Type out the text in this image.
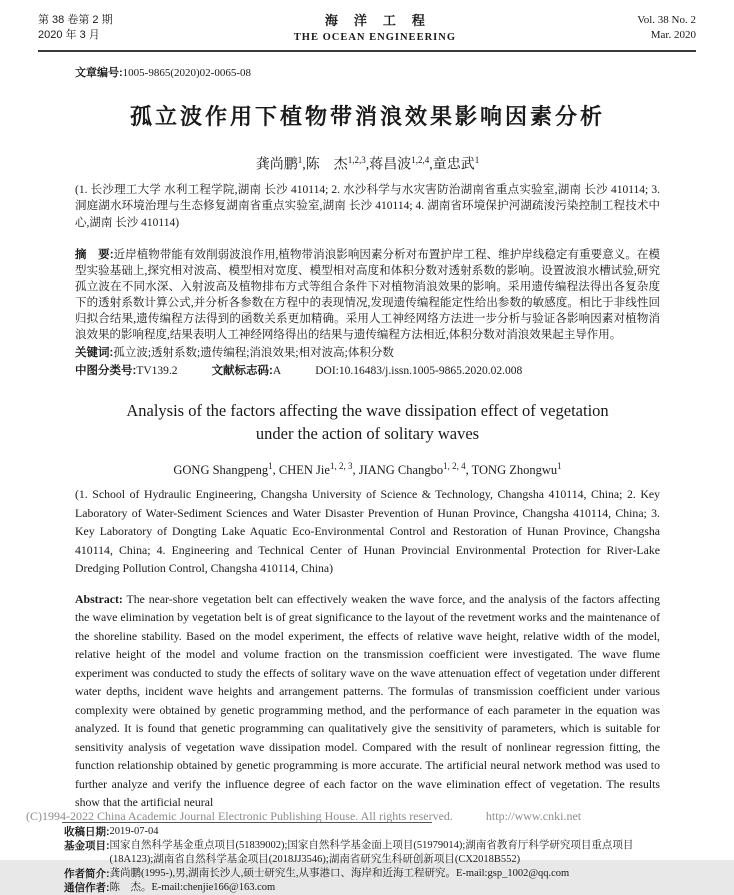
第 38 卷第 2 期
2020 年 3 月
海洋工程
THE OCEAN ENGINEERING
Vol. 38 No. 2
Mar. 2020
文章编号:1005-9865(2020)02-0065-08
孤立波作用下植物带消浪效果影响因素分析
龚尚鹏$^1$,陈　杰$^{1,2,3}$,蒋昌波$^{1,2,4}$,童忠武$^1$
(1. 长沙理工大学 水利工程学院,湖南 长沙 410114; 2. 水沙科学与水灾害防治湖南省重点实验室,湖南 长沙 410114; 3. 洞庭湖水环境治理与生态修复湖南省重点实验室,湖南 长沙 410114; 4. 湖南省环境保护河湖疏浚污染控制工程技术中心,湖南 长沙 410114)
摘　要:近岸植物带能有效削弱波浪作用,植物带消浪影响因素分析对布置护岸工程、维护岸线稳定有重要意义。在模型实验基础上,探究相对波高、模型相对宽度、模型相对高度和体积分数对透射系数的影响。设置波浪水槽试验,研究孤立波在不同水深、入射波高及植物排布方式等组合条件下对植物消浪效果的影响。采用遗传编程法得出各复杂度下的透射系数计算公式,并分析各参数在方程中的表现情况,发现遗传编程能定性给出参数的敏感度。相比于非线性回归拟合结果,遗传编程方法得到的函数关系更加精确。采用人工神经网络方法进一步分析与验证各影响因素对植物消浪效果的影响程度,结果表明人工神经网络得出的结果与遗传编程方法相近,体积分数对消浪效果起主导作用。
关键词:孤立波;透射系数;遗传编程;消浪效果;相对波高;体积分数
中图分类号:TV139.2	文献标志码:A	DOI:10.16483/j.issn.1005-9865.2020.02.008
Analysis of the factors affecting the wave dissipation effect of vegetation under the action of solitary waves
GONG Shangpeng$^1$, CHEN Jie$^{1, 2, 3}$, JIANG Changbo$^{1, 2, 4}$, TONG Zhongwu$^1$
(1. School of Hydraulic Engineering, Changsha University of Science & Technology, Changsha 410114, China; 2. Key Laboratory of Water-Sediment Sciences and Water Disaster Prevention of Hunan Province, Changsha 410114, China; 3. Key Laboratory of Dongting Lake Aquatic Eco-Environmental Control and Restoration of Hunan Province, Changsha 410114, China; 4. Engineering and Technical Center of Hunan Provincial Environmental Protection for River-Lake Dredging Pollution Control, Changsha 410114, China)
Abstract: The near-shore vegetation belt can effectively weaken the wave force, and the analysis of the factors affecting the wave elimination by vegetation belt is of great significance to the layout of the revetment works and the maintenance of the shoreline stability. Based on the model experiment, the effects of relative wave height, relative width of the model, relative height of the model and volume fraction on the transmission coefficient were investigated. The wave flume experiment was conducted to study the effects of solitary wave on the wave attenuation effect of vegetation under different water depths, incident wave heights and arrangement patterns. The formulas of transmission coefficient under various complexity were obtained by genetic programming method, and the performance of each parameter in the equation was analyzed. It is found that genetic programming can qualitatively give the sensitivity of parameters, which is suitable for sensitivity analysis of vegetation wave dissipation model. Compared with the result of nonlinear regression fitting, the function relationship obtained by genetic programming is more accurate. The artificial neural network method was used to further analyze and verify the influence degree of each factor on the wave elimination effect of vegetation. The results show that the artificial neural
收稿日期: 2019-07-04
基金项目: 国家自然科学基金重点项目(51839002);国家自然科学基金面上项目(51979014);湖南省教育厅科学研究项目重点项目(18A123);湖南省自然科学基金项目(2018JJ3546);湖南省研究生科研创新项目(CX2018B552)
作者简介: 龚尚鹏(1995-),男,湖南长沙人,硕士研究生,从事港口、海岸和近海工程研究。E-mail:gsp_1002@qq.com
通信作者: 陈　杰。E-mail:chenjie166@163.com
(C)1994-2022 China Academic Journal Electronic Publishing House. All rights reserved.	http://www.cnki.net
